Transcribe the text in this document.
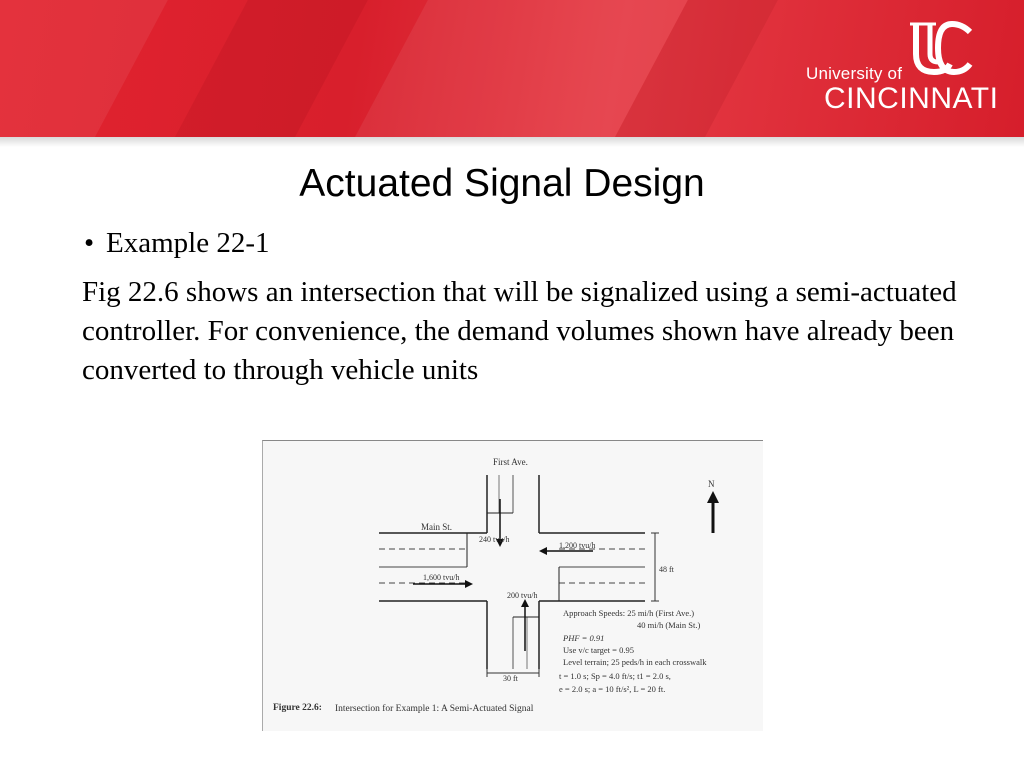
University of
CINCINNATI
Actuated Signal Design
• Example 22-1
Fig 22.6 shows an intersection that will be signalized using a semi-actuated controller. For convenience, the demand volumes shown have already been converted to through vehicle units
First Ave.
Main St.
N
240 tvu/h
1,200 tvu/h
1,600 tvu/h
200 tvu/h
48 ft
30 ft
Approach Speeds: 25 mi/h (First Ave.)
40 mi/h (Main St.)
PHF = 0.91
Use v/c target = 0.95
Level terrain; 25 peds/h in each crosswalk
t = 1.0 s; Sp = 4.0 ft/s; t1 = 2.0 s,
e = 2.0 s; a = 10 ft/s², L = 20 ft.
Figure 22.6: Intersection for Example 1: A Semi-Actuated Signal
